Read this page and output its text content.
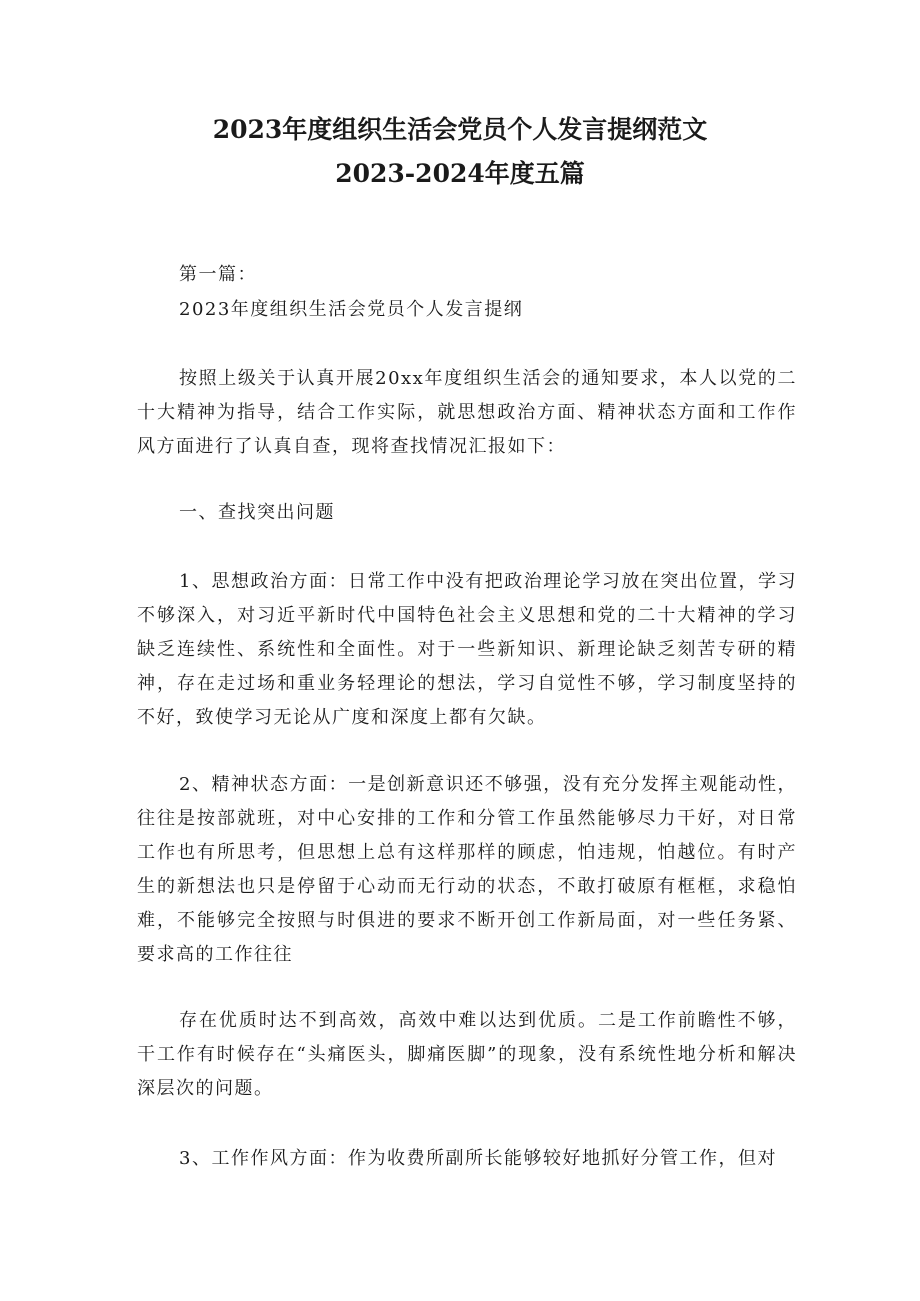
2023年度组织生活会党员个人发言提纲范文
2023-2024年度五篇
第一篇：
2023年度组织生活会党员个人发言提纲
按照上级关于认真开展20xx年度组织生活会的通知要求，本人以党的二十大精神为指导，结合工作实际，就思想政治方面、精神状态方面和工作作风方面进行了认真自查，现将查找情况汇报如下：
一、查找突出问题
1、思想政治方面：日常工作中没有把政治理论学习放在突出位置，学习不够深入，对习近平新时代中国特色社会主义思想和党的二十大精神的学习缺乏连续性、系统性和全面性。对于一些新知识、新理论缺乏刻苦专研的精神，存在走过场和重业务轻理论的想法，学习自觉性不够，学习制度坚持的不好，致使学习无论从广度和深度上都有欠缺。
2、精神状态方面：一是创新意识还不够强，没有充分发挥主观能动性，往往是按部就班，对中心安排的工作和分管工作虽然能够尽力干好，对日常工作也有所思考，但思想上总有这样那样的顾虑，怕违规，怕越位。有时产生的新想法也只是停留于心动而无行动的状态，不敢打破原有框框，求稳怕难，不能够完全按照与时俱进的要求不断开创工作新局面，对一些任务紧、要求高的工作往往
存在优质时达不到高效，高效中难以达到优质。二是工作前瞻性不够，干工作有时候存在“头痛医头，脚痛医脚”的现象，没有系统性地分析和解决深层次的问题。
3、工作作风方面：作为收费所副所长能够较好地抓好分管工作，但对
